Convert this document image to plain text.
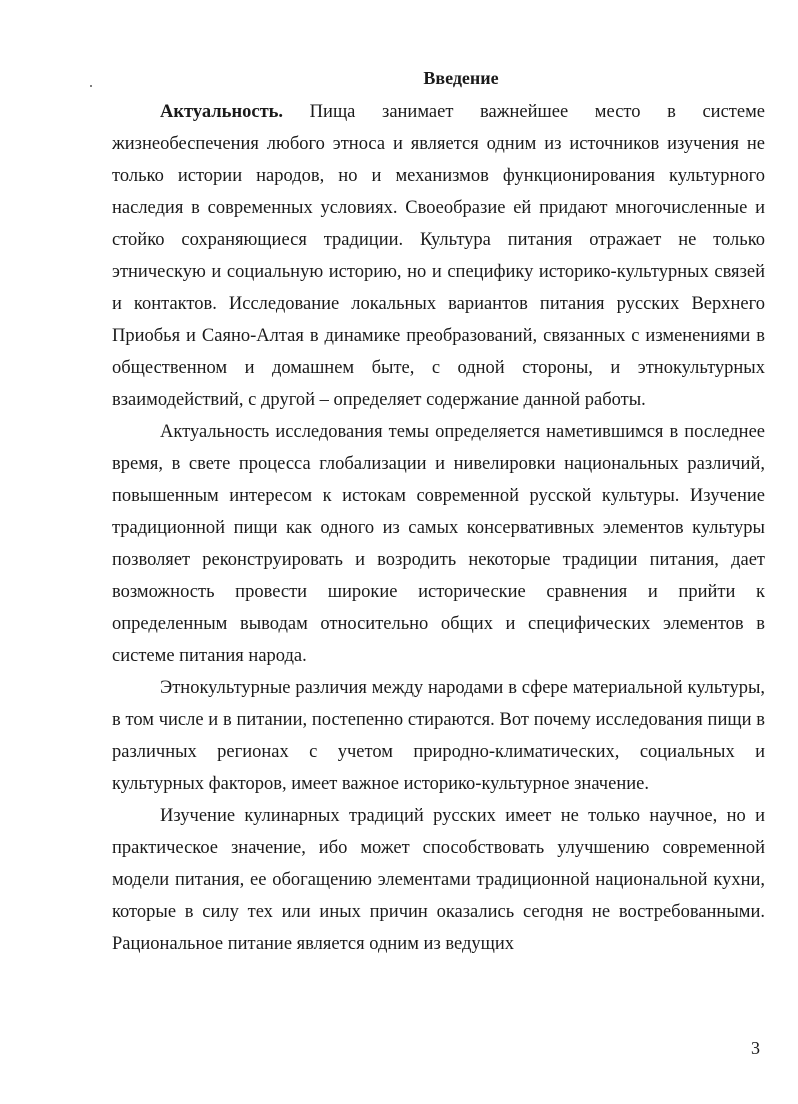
Введение

Актуальность. Пища занимает важнейшее место в системе жизнеобеспечения любого этноса и является одним из источников изучения не только истории народов, но и механизмов функционирования культурного наследия в современных условиях. Своеобразие ей придают многочисленные и стойко сохраняющиеся традиции. Культура питания отражает не только этническую и социальную историю, но и специфику историко-культурных связей и контактов. Исследование локальных вариантов питания русских Верхнего Приобья и Саяно-Алтая в динамике преобразований, связанных с изменениями в общественном и домашнем быте, с одной стороны, и этнокультурных взаимодействий, с другой – определяет содержание данной работы.

Актуальность исследования темы определяется наметившимся в последнее время, в свете процесса глобализации и нивелировки национальных различий, повышенным интересом к истокам современной русской культуры. Изучение традиционной пищи как одного из самых консервативных элементов культуры позволяет реконструировать и возродить некоторые традиции питания, дает возможность провести широкие исторические сравнения и прийти к определенным выводам относительно общих и специфических элементов в системе питания народа.

Этнокультурные различия между народами в сфере материальной культуры, в том числе и в питании, постепенно стираются. Вот почему исследования пищи в различных регионах с учетом природно-климатических, социальных и культурных факторов, имеет важное историко-культурное значение.

Изучение кулинарных традиций русских имеет не только научное, но и практическое значение, ибо может способствовать улучшению современной модели питания, ее обогащению элементами традиционной национальной кухни, которые в силу тех или иных причин оказались сегодня не востребованными. Рациональное питание является одним из ведущих

3
